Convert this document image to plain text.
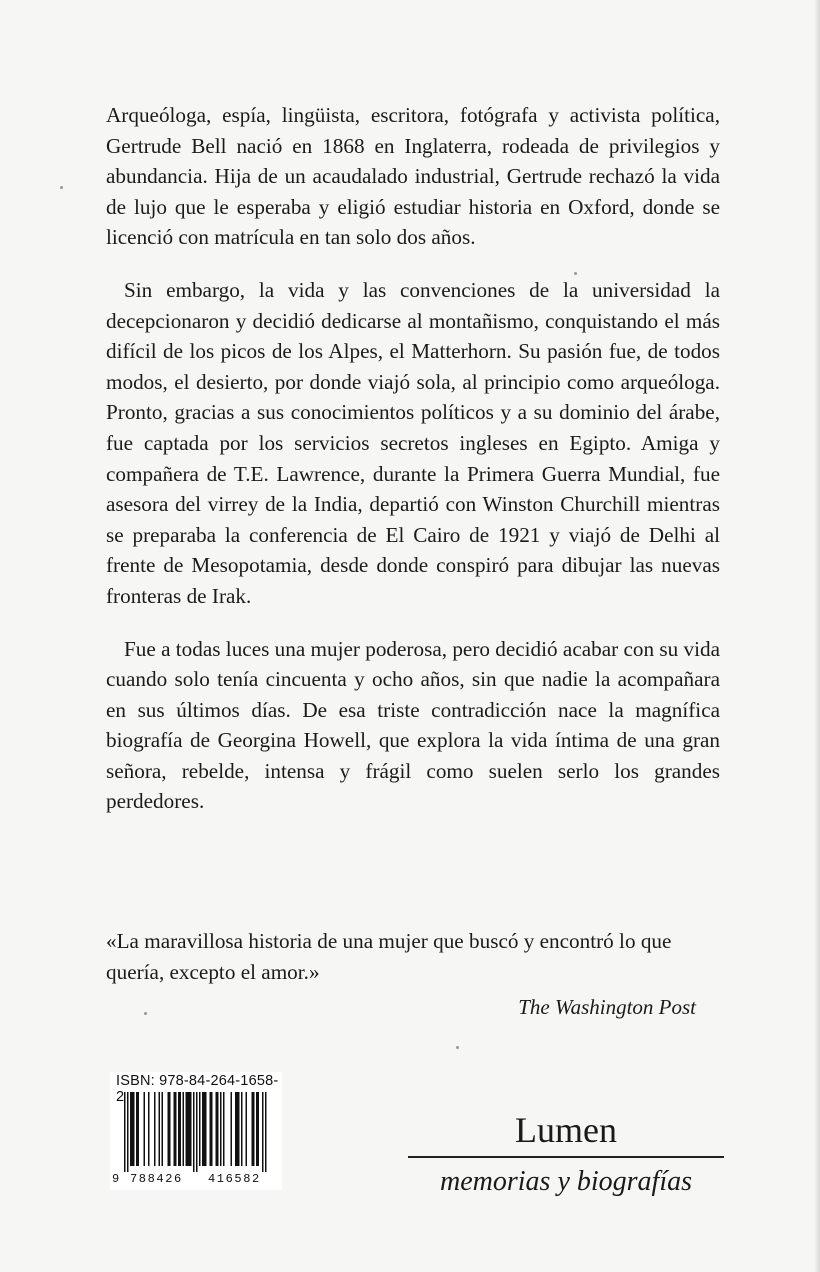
Arqueóloga, espía, lingüista, escritora, fotógrafa y activista política, Gertrude Bell nació en 1868 en Inglaterra, rodeada de privilegios y abundancia. Hija de un acaudalado industrial, Gertrude rechazó la vida de lujo que le esperaba y eligió estudiar historia en Oxford, donde se licenció con matrícula en tan solo dos años.

Sin embargo, la vida y las convenciones de la universidad la decepcionaron y decidió dedicarse al montañismo, conquistando el más difícil de los picos de los Alpes, el Matterhorn. Su pasión fue, de todos modos, el desierto, por donde viajó sola, al principio como arqueóloga. Pronto, gracias a sus conocimientos políticos y a su dominio del árabe, fue captada por los servicios secretos ingleses en Egipto. Amiga y compañera de T.E. Lawrence, durante la Primera Guerra Mundial, fue asesora del virrey de la India, departió con Winston Churchill mientras se preparaba la conferencia de El Cairo de 1921 y viajó de Delhi al frente de Mesopotamia, desde donde conspiró para dibujar las nuevas fronteras de Irak.

Fue a todas luces una mujer poderosa, pero decidió acabar con su vida cuando solo tenía cincuenta y ocho años, sin que nadie la acompañara en sus últimos días. De esa triste contradicción nace la magnífica biografía de Georgina Howell, que explora la vida íntima de una gran señora, rebelde, intensa y frágil como suelen serlo los grandes perdedores.

«La maravillosa historia de una mujer que buscó y encontró lo que quería, excepto el amor.»
The Washington Post
ISBN: 978-84-264-1658-2
9 788426 416582
Lumen
memorias y biografías
